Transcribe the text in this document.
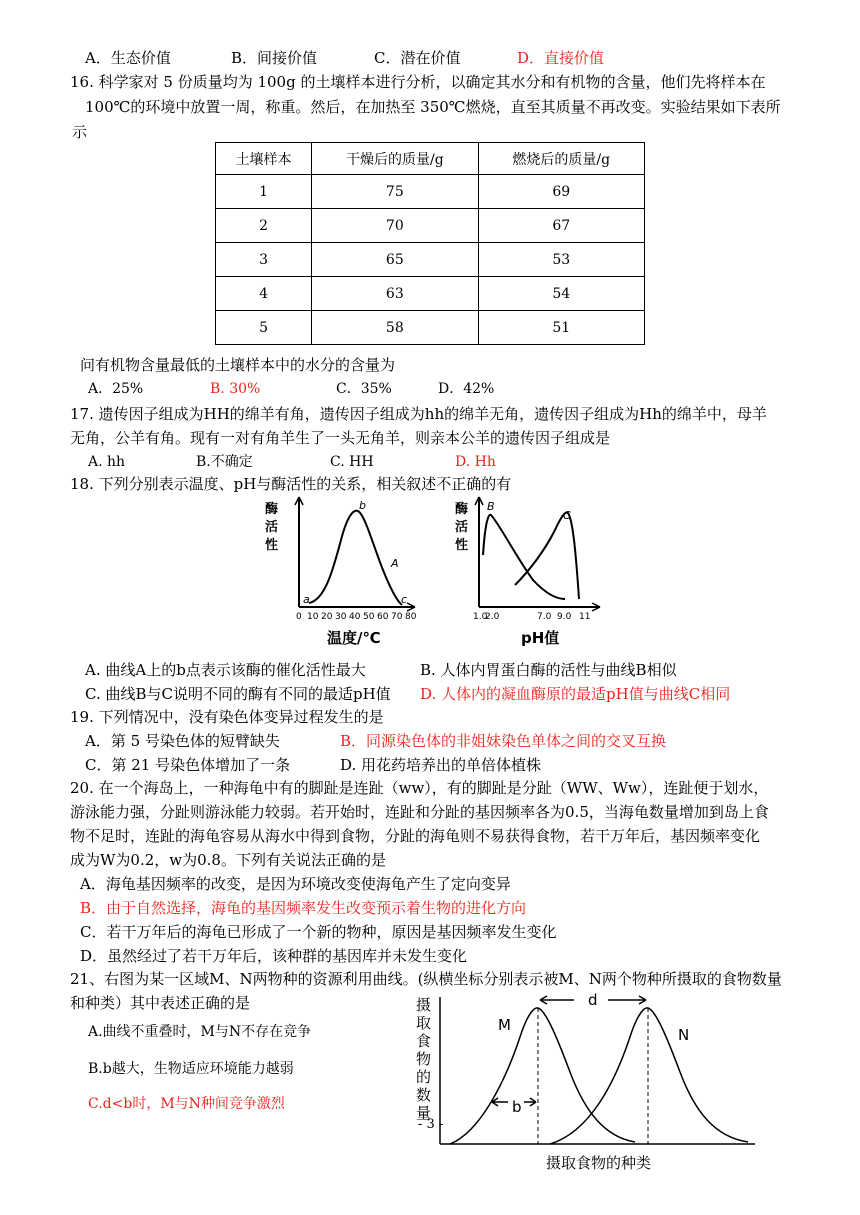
A．生态价值	B．间接价值	C．潜在价值	D．直接价值
16. 科学家对 5 份质量均为 100g 的土壤样本进行分析，以确定其水分和有机物的含量，他们先将样本在
100℃的环境中放置一周，称重。然后，在加热至 350℃燃烧，直至其质量不再改变。实验结果如下表所
示
土壤样本	干燥后的质量/g	燃烧后的质量/g
1	75	69
2	70	67
3	65	53
4	63	54
5	58	51
问有机物含量最低的土壤样本中的水分的含量为
A．25%	B. 30%	C．35%	D．42%
17. 遗传因子组成为HH的绵羊有角，遗传因子组成为hh的绵羊无角，遗传因子组成为Hh的绵羊中，母羊
无角，公羊有角。现有一对有角羊生了一头无角羊，则亲本公羊的遗传因子组成是
A. hh	B.不确定	C. HH	D. Hh
18. 下列分别表示温度、pH与酶活性的关系，相关叙述不正确的有
酶
活
性
a
b
A
c
0 10 20 30 40 50 60 70 80
温度/℃
酶
活
性
B
C
1.0
2.0	7.0 9.0 11
pH值
A. 曲线A上的b点表示该酶的催化活性最大	B. 人体内胃蛋白酶的活性与曲线B相似
C. 曲线B与C说明不同的酶有不同的最适pH值 D. 人体内的凝血酶原的最适pH值与曲线C相同
19. 下列情况中，没有染色体变异过程发生的是
A．第 5 号染色体的短臂缺失	B．同源染色体的非姐妹染色单体之间的交叉互换
C．第 21 号染色体增加了一条	D. 用花药培养出的单倍体植株
20. 在一个海岛上，一种海龟中有的脚趾是连趾（ww），有的脚趾是分趾（WW、Ww），连趾便于划水，
游泳能力强，分趾则游泳能力较弱。若开始时，连趾和分趾的基因频率各为0.5，当海龟数量增加到岛上食
物不足时，连趾的海龟容易从海水中得到食物，分趾的海龟则不易获得食物，若干万年后，基因频率变化
成为W为0.2，w为0.8。下列有关说法正确的是
A．海龟基因频率的改变，是因为环境改变使海龟产生了定向变异
B．由于自然选择，海龟的基因频率发生改变预示着生物的进化方向
C．若干万年后的海龟已形成了一个新的物种，原因是基因频率发生变化
D．虽然经过了若干万年后，该种群的基因库并未发生变化
21、右图为某一区域M、N两物种的资源利用曲线。(纵横坐标分别表示被M、N两个物种所摄取的食物数量
和种类）其中表述正确的是
A.曲线不重叠时，M与N不存在竞争
B.b越大，生物适应环境能力越弱
C.d<b时，M与N种间竞争激烈
摄
取
食
物
的
数
量
M
N
d
b
摄取食物的种类
- 3 -
